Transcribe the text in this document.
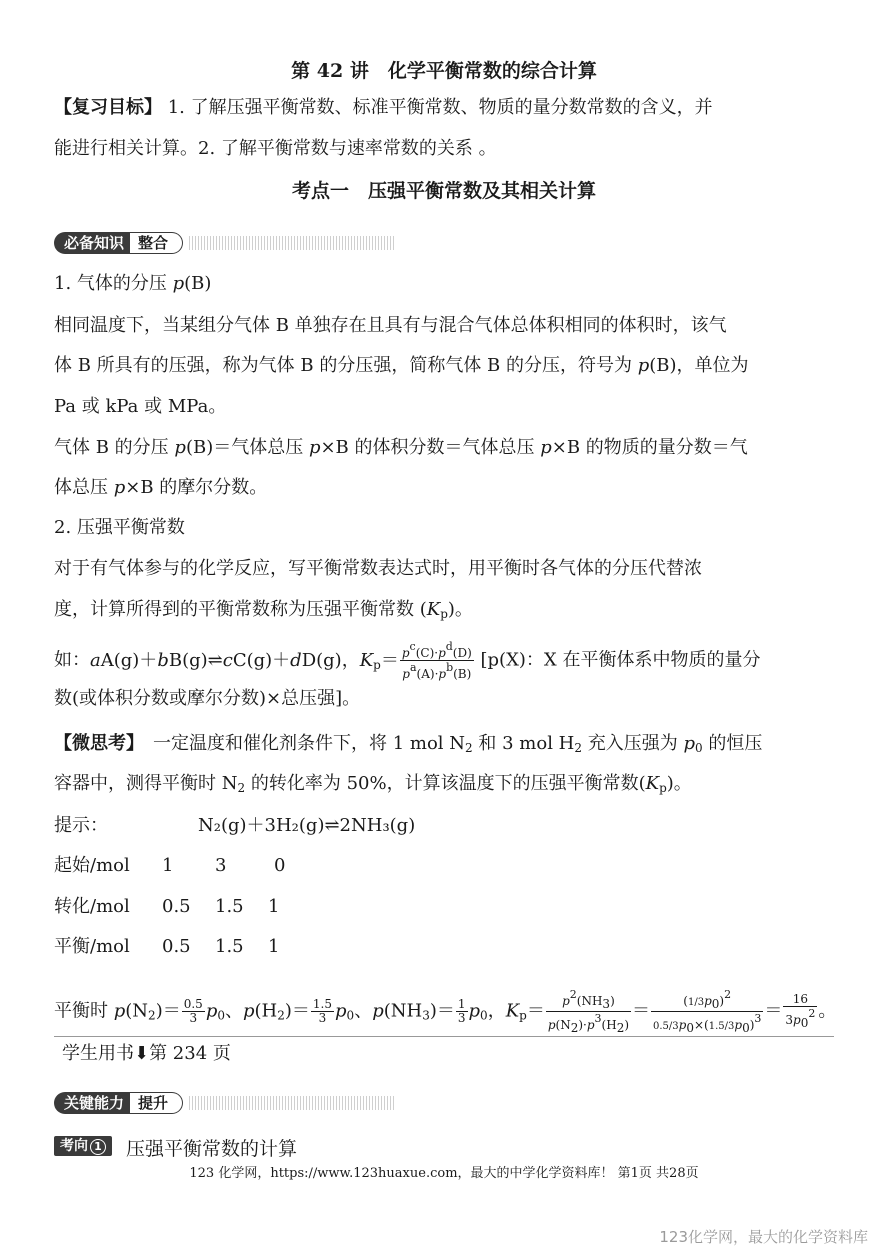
第 42 讲　化学平衡常数的综合计算
【复习目标】 1. 了解压强平衡常数、标准平衡常数、物质的量分数常数的含义，并
能进行相关计算。2. 了解平衡常数与速率常数的关系 。
考点一　压强平衡常数及其相关计算
必备知识 整合
1. 气体的分压 p(B)
相同温度下，当某组分气体 B 单独存在且具有与混合气体总体积相同的体积时，该气
体 B 所具有的压强，称为气体 B 的分压强，简称气体 B 的分压，符号为 p(B)，单位为
Pa 或 kPa 或 MPa。
气体 B 的分压 p(B)＝气体总压 p×B 的体积分数＝气体总压 p×B 的物质的量分数＝气
体总压 p×B 的摩尔分数。
2. 压强平衡常数
对于有气体参与的化学反应，写平衡常数表达式时，用平衡时各气体的分压代替浓
度，计算所得到的平衡常数称为压强平衡常数 $(K_p)$。
如：aA(g)＋bB(g)⇌cC(g)＋dD(g)，$K_p= \frac{p^c(C)\cdot p^d(D)}{p^a(A)\cdot p^b(B)} [p(X)$：X 在平衡体系中物质的量分
数(或体积分数或摩尔分数)×总压强]。
【微思考】　一定温度和催化剂条件下，将 1 mol $N_2$ 和 3 mol $H_2$ 充入压强为 $p_0$ 的恒压
容器中，测得平衡时 $N_2$ 的转化率为 50%，计算该温度下的压强平衡常数$(K_p)$。
提示：	N₂(g)＋3H₂(g)⇌2NH₃(g)
起始/mol 1 3	0
转化/mol 0.5 1.5 1
平衡/mol 0.5 1.5 1
平衡时 $p(N_2)= \frac{0.5}{3} p_0$、$p(H_2)= \frac{1.5}{3} p_0$、$p(NH_3)= \frac{1}{3} p_0$，$K_p= \frac{p^2(NH_3)}{p(N_2)\cdot p^3(H_2)} = \frac{(1/3p_0)^2}{0.5/3p_0\times(1.5/3p_0)^3} = \frac{16}{3p_0^2}$ 。
学生用书⬇第 234 页
关键能力 提升
考向 1	压强平衡常数的计算
123 化学网，https://www.123huaxue.com，最大的中学化学资料库！ 第1页 共28页
123化学网，最大的化学资料库
